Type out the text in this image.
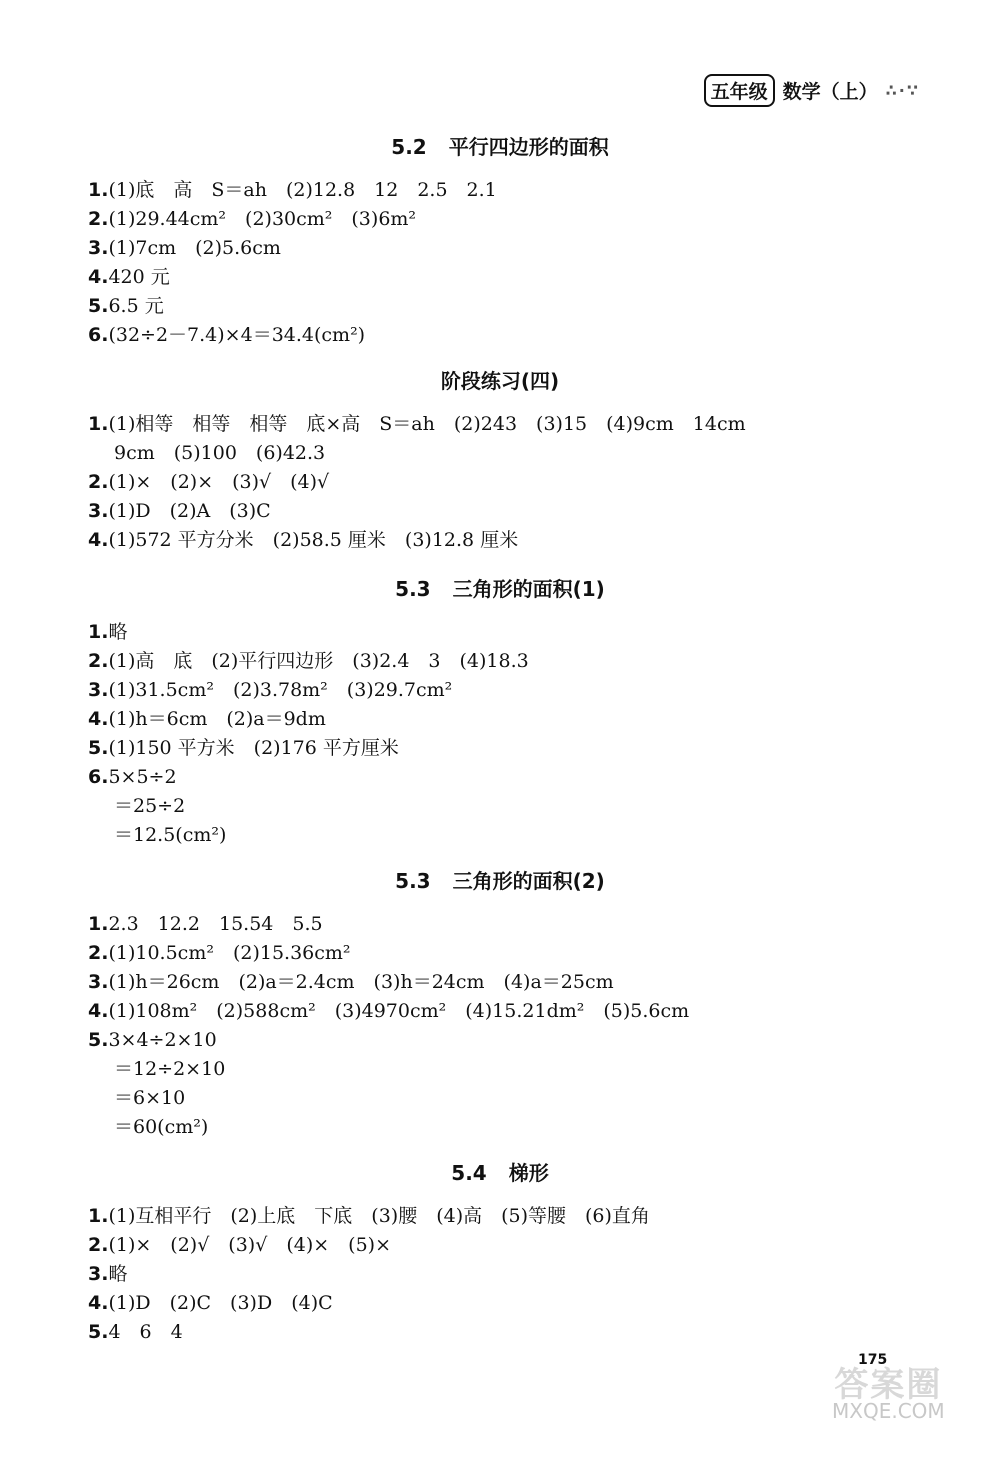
五年级 数学（上） ∴·∵
5.2 平行四边形的面积
1.(1)底　高　S＝ah　(2)12.8　12　2.5　2.1
2.(1)29.44cm²　(2)30cm²　(3)6m²
3.(1)7cm　(2)5.6cm
4.420 元
5.6.5 元
6.(32÷2－7.4)×4＝34.4(cm²)
阶段练习(四)
1.(1)相等　相等　相等　底×高　S＝ah　(2)243　(3)15　(4)9cm　14cm
9cm　(5)100　(6)42.3
2.(1)×　(2)×　(3)√　(4)√
3.(1)D　(2)A　(3)C
4.(1)572 平方分米　(2)58.5 厘米　(3)12.8 厘米
5.3 三角形的面积(1)
1.略
2.(1)高　底　(2)平行四边形　(3)2.4　3　(4)18.3
3.(1)31.5cm²　(2)3.78m²　(3)29.7cm²
4.(1)h＝6cm　(2)a＝9dm
5.(1)150 平方米　(2)176 平方厘米
6.5×5÷2
＝25÷2
＝12.5(cm²)
5.3 三角形的面积(2)
1.2.3　12.2　15.54　5.5
2.(1)10.5cm²　(2)15.36cm²
3.(1)h＝26cm　(2)a＝2.4cm　(3)h＝24cm　(4)a＝25cm
4.(1)108m²　(2)588cm²　(3)4970cm²　(4)15.21dm²　(5)5.6cm
5.3×4÷2×10
＝12÷2×10
＝6×10
＝60(cm²)
5.4 梯形
1.(1)互相平行　(2)上底　下底　(3)腰　(4)高　(5)等腰　(6)直角
2.(1)×　(2)√　(3)√　(4)×　(5)×
3.略
4.(1)D　(2)C　(3)D　(4)C
5.4　6　4
175
答案圈
MXQE.COM
